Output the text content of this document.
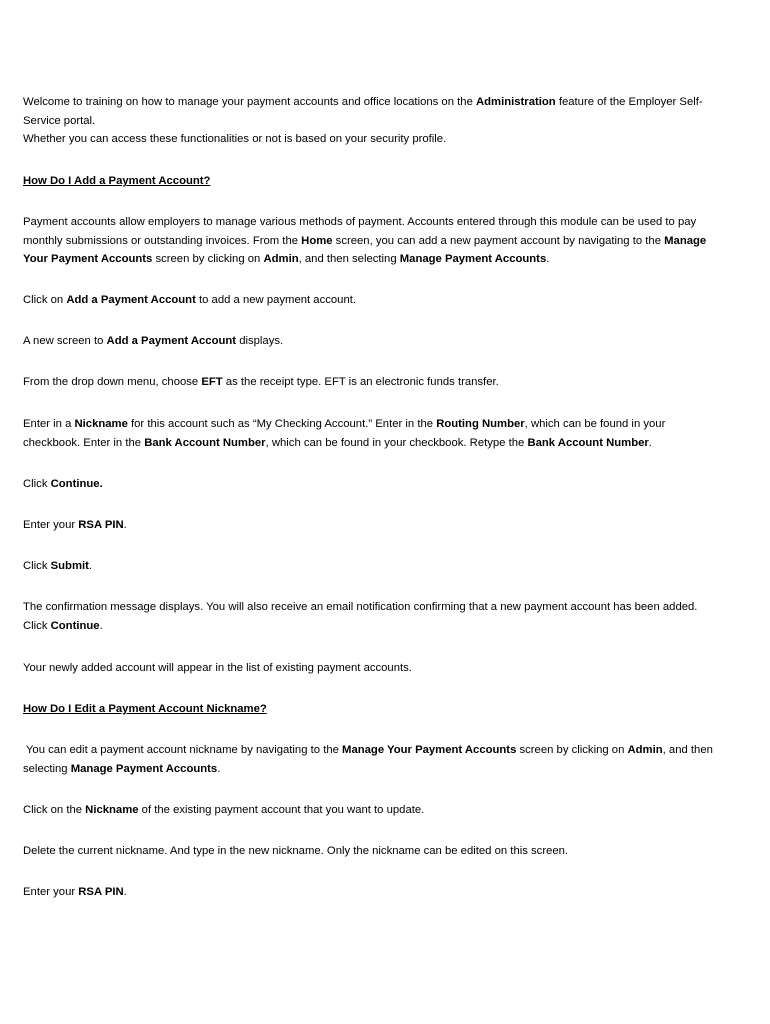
Welcome to training on how to manage your payment accounts and office locations on the Administration feature of the Employer Self-Service portal.
Whether you can access these functionalities or not is based on your security profile.
How Do I Add a Payment Account?
Payment accounts allow employers to manage various methods of payment. Accounts entered through this module can be used to pay monthly submissions or outstanding invoices. From the Home screen, you can add a new payment account by navigating to the Manage Your Payment Accounts screen by clicking on Admin, and then selecting Manage Payment Accounts.
Click on Add a Payment Account to add a new payment account.
A new screen to Add a Payment Account displays.
From the drop down menu, choose EFT as the receipt type. EFT is an electronic funds transfer.
Enter in a Nickname for this account such as “My Checking Account.” Enter in the Routing Number, which can be found in your checkbook. Enter in the Bank Account Number, which can be found in your checkbook. Retype the Bank Account Number.
Click Continue.
Enter your RSA PIN.
Click Submit.
The confirmation message displays. You will also receive an email notification confirming that a new payment account has been added.
Click Continue.
Your newly added account will appear in the list of existing payment accounts.
How Do I Edit a Payment Account Nickname?
You can edit a payment account nickname by navigating to the Manage Your Payment Accounts screen by clicking on Admin, and then selecting Manage Payment Accounts.
Click on the Nickname of the existing payment account that you want to update.
Delete the current nickname. And type in the new nickname. Only the nickname can be edited on this screen.
Enter your RSA PIN.
